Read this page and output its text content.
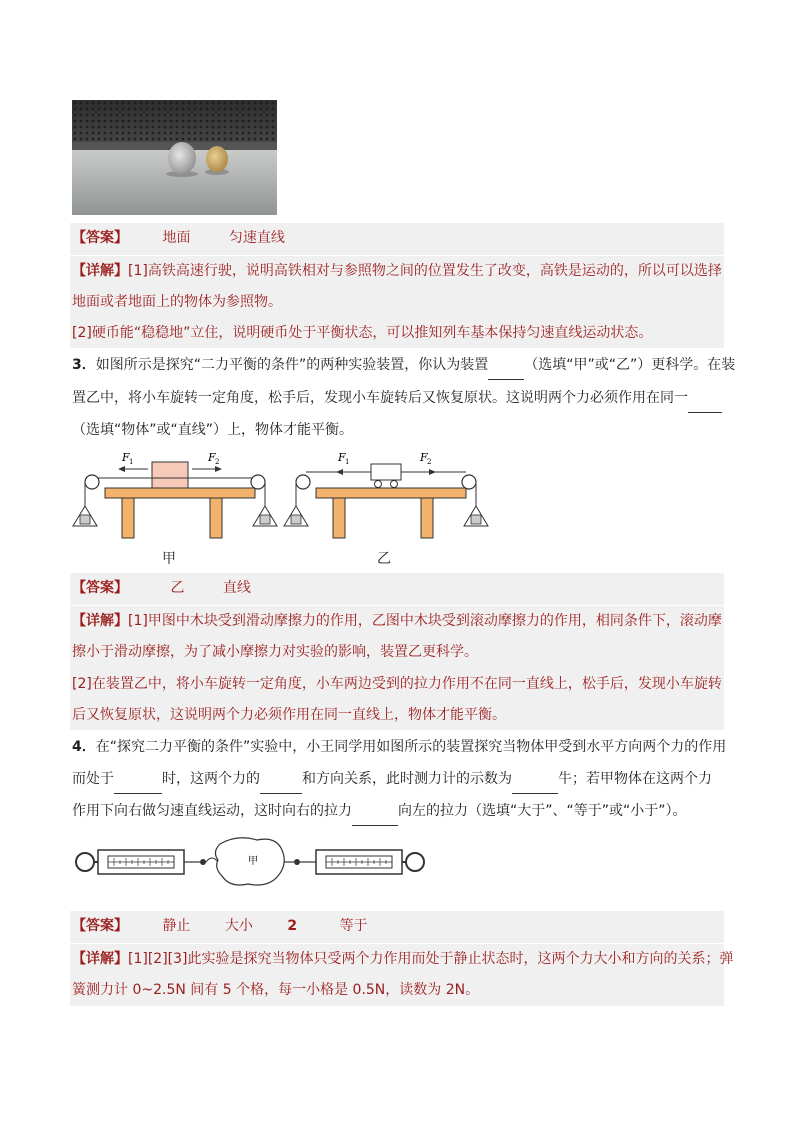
【答案】 地面	匀速直线
【详解】[1]高铁高速行驶，说明高铁相对与参照物之间的位置发生了改变，高铁是运动的，所以可以选择
地面或者地面上的物体为参照物。
[2]硬币能“稳稳地”立住，说明硬币处于平衡状态，可以推知列车基本保持匀速直线运动状态。
3．如图所示是探究“二力平衡的条件”的两种实验装置，你认为装置	（选填“甲”或“乙”）更科学。在装
置乙中，将小车旋转一定角度，松手后，发现小车旋转后又恢复原状。这说明两个力必须作用在同一
（选填“物体”或“直线”）上，物体才能平衡。
F 1	F 2	F 1	F 2
甲	乙
【答案】	乙	直线
【详解】[1]甲图中木块受到滑动摩擦力的作用，乙图中木块受到滚动摩擦力的作用，相同条件下，滚动摩
擦小于滑动摩擦，为了减小摩擦力对实验的影响，装置乙更科学。
[2]在装置乙中，将小车旋转一定角度，小车两边受到的拉力作用不在同一直线上，松手后，发现小车旋转
后又恢复原状，这说明两个力必须作用在同一直线上，物体才能平衡。
4．在“探究二力平衡的条件”实验中，小王同学用如图所示的装置探究当物体甲受到水平方向两个力的作用
而处于	时，这两个力的	和方向关系，此时测力计的示数为	牛；若甲物体在这两个力
作用下向右做匀速直线运动，这时向右的拉力	向左的拉力（选填“大于”、“等于”或“小于”）。
甲
【答案】 静止 大小 2	等于
【详解】[1][2][3]此实验是探究当物体只受两个力作用而处于静止状态时，这两个力大小和方向的关系；弹
簧测力计 0~2.5N 间有 5 个格，每一小格是 0.5N，读数为 2N。
